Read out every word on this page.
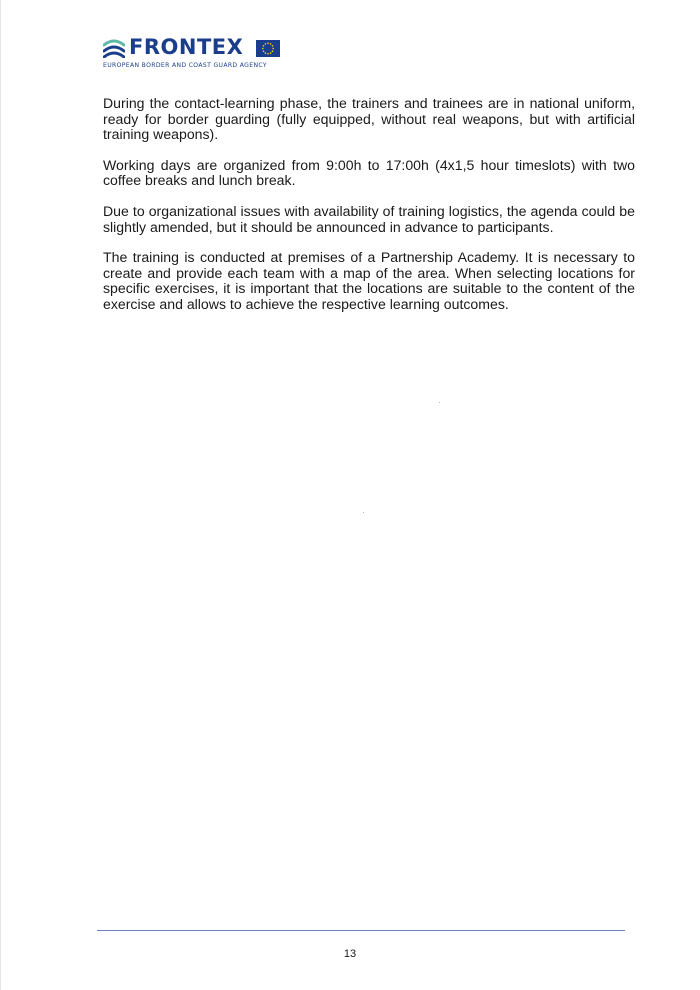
FRONTEX
EUROPEAN BORDER AND COAST GUARD AGENCY

During the contact-learning phase, the trainers and trainees are in national uniform, ready for border guarding (fully equipped, without real weapons, but with artificial training weapons).

Working days are organized from 9:00h to 17:00h (4x1,5 hour timeslots) with two coffee breaks and lunch break.

Due to organizational issues with availability of training logistics, the agenda could be slightly amended, but it should be announced in advance to participants.

The training is conducted at premises of a Partnership Academy. It is necessary to create and provide each team with a map of the area. When selecting locations for specific exercises, it is important that the locations are suitable to the content of the exercise and allows to achieve the respective learning outcomes.

13
